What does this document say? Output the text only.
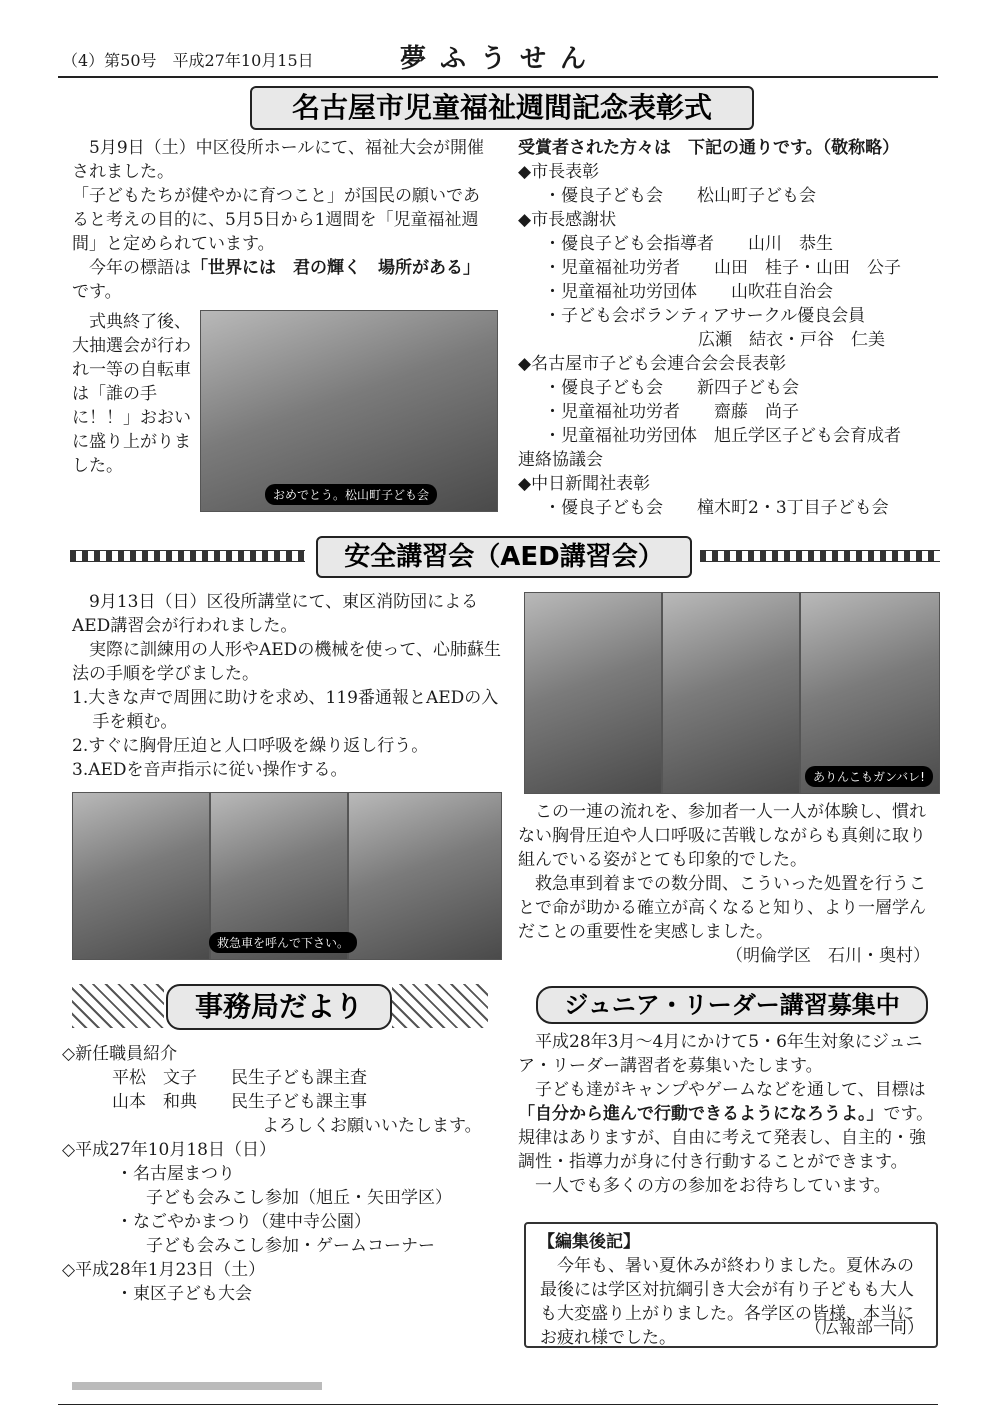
（4）第50号　平成27年10月15日	夢ふうせん
名古屋市児童福祉週間記念表彰式

5月9日（土）中区役所ホールにて、福祉大会が開催されました。

「子どもたちが健やかに育つこと」が国民の願いであると考えの目的に、5月5日から1週間を「児童福祉週間」と定められています。

今年の標語は「世界には　君の輝く　場所がある」です。

式典終了後、大抽選会が行われ一等の自転車は「誰の手に！！」おおいに盛り上がりました。
おめでとう。松山町子ども会
受賞者された方々は　下記の通りです。（敬称略）
◆市長表彰
・優良子ども会　　松山町子ども会
◆市長感謝状
・優良子ども会指導者　　山川　恭生
・児童福祉功労者　　山田　桂子・山田　公子
・児童福祉功労団体　　山吹荘自治会
・子ども会ボランティアサークル優良会員
広瀬　結衣・戸谷　仁美
◆名古屋市子ども会連合会会長表彰
・優良子ども会　　新四子ども会
・児童福祉功労者　　齋藤　尚子
・児童福祉功労団体　旭丘学区子ども会育成者
連絡協議会
◆中日新聞社表彰
・優良子ども会　　橦木町2・3丁目子ども会
安全講習会（AED講習会）

9月13日（日）区役所講堂にて、東区消防団によるAED講習会が行われました。

実際に訓練用の人形やAEDの機械を使って、心肺蘇生法の手順を学びました。

1.大きな声で周囲に助けを求め、119番通報とAEDの入手を頼む。

2.すぐに胸骨圧迫と人口呼吸を繰り返し行う。

3.AEDを音声指示に従い操作する。

救急車を呼んで下さい。
ありんこもガンバレ!

この一連の流れを、参加者一人一人が体験し、慣れない胸骨圧迫や人口呼吸に苦戦しながらも真剣に取り組んでいる姿がとても印象的でした。

救急車到着までの数分間、こういった処置を行うことで命が助かる確立が高くなると知り、より一層学んだことの重要性を実感しました。

（明倫学区　石川・奥村）

事務局だより
◇新任職員紹介
平松　文子　　民生子ども課主査
山本　和典　　民生子ども課主事
よろしくお願いいたします。
◇平成27年10月18日（日）
・名古屋まつり
子ども会みこし参加（旭丘・矢田学区）
・なごやかまつり（建中寺公園）
子ども会みこし参加・ゲームコーナー
◇平成28年1月23日（土）
・東区子ども大会
ジュニア・リーダー講習募集中

平成28年3月～4月にかけて5・6年生対象にジュニア・リーダー講習者を募集いたします。

子ども達がキャンプやゲームなどを通して、目標は「自分から進んで行動できるようになろうよ。」です。規律はありますが、自由に考えて発表し、自主的・強調性・指導力が身に付き行動することができます。

一人でも多くの方の参加をお待ちしています。

【編集後記】
今年も、暑い夏休みが終わりました。夏休みの最後には学区対抗綱引き大会が有り子どもも大人も大変盛り上がりました。各学区の皆様、本当にお疲れ様でした。	（広報部一同）
